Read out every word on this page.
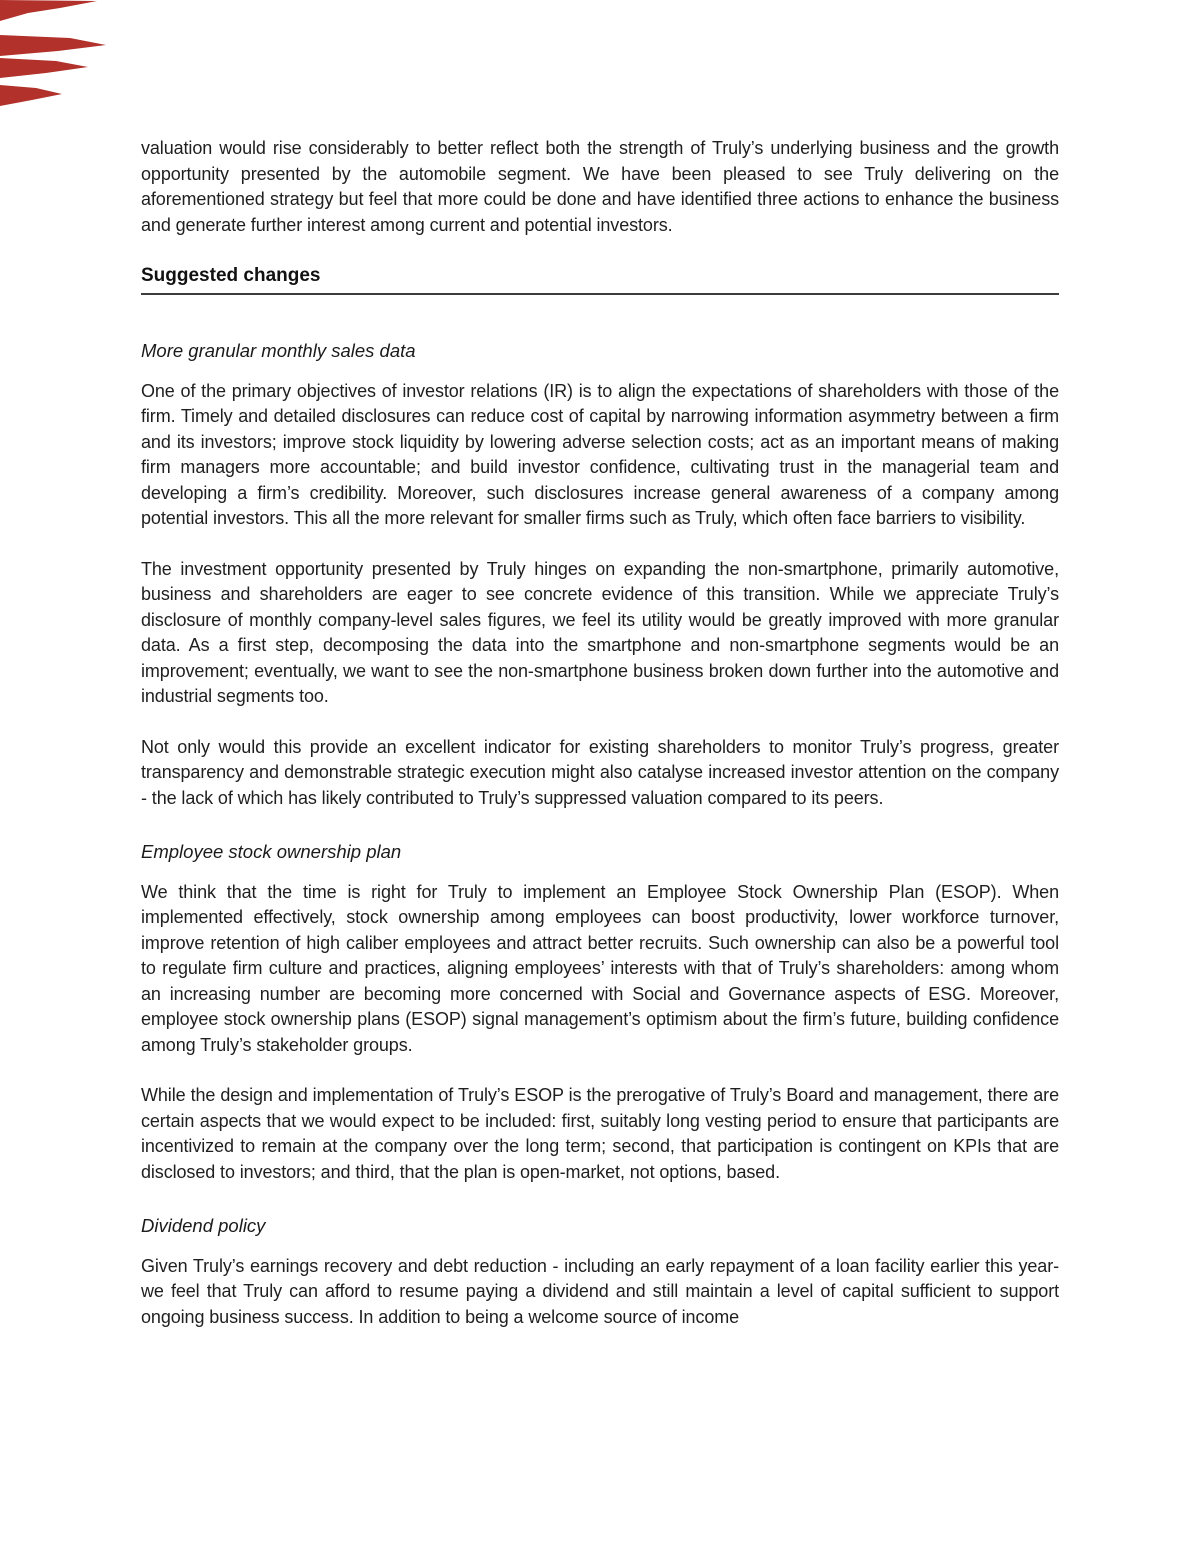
valuation would rise considerably to better reflect both the strength of Truly’s underlying business and the growth opportunity presented by the automobile segment. We have been pleased to see Truly delivering on the aforementioned strategy but feel that more could be done and have identified three actions to enhance the business and generate further interest among current and potential investors.

Suggested changes
More granular monthly sales data

One of the primary objectives of investor relations (IR) is to align the expectations of shareholders with those of the firm. Timely and detailed disclosures can reduce cost of capital by narrowing information asymmetry between a firm and its investors; improve stock liquidity by lowering adverse selection costs; act as an important means of making firm managers more accountable; and build investor confidence, cultivating trust in the managerial team and developing a firm’s credibility. Moreover, such disclosures increase general awareness of a company among potential investors. This all the more relevant for smaller firms such as Truly, which often face barriers to visibility.

The investment opportunity presented by Truly hinges on expanding the non-smartphone, primarily automotive, business and shareholders are eager to see concrete evidence of this transition. While we appreciate Truly’s disclosure of monthly company-level sales figures, we feel its utility would be greatly improved with more granular data. As a first step, decomposing the data into the smartphone and non-smartphone segments would be an improvement; eventually, we want to see the non-smartphone business broken down further into the automotive and industrial segments too.

Not only would this provide an excellent indicator for existing shareholders to monitor Truly’s progress, greater transparency and demonstrable strategic execution might also catalyse increased investor attention on the company - the lack of which has likely contributed to Truly’s suppressed valuation compared to its peers.

Employee stock ownership plan

We think that the time is right for Truly to implement an Employee Stock Ownership Plan (ESOP). When implemented effectively, stock ownership among employees can boost productivity, lower workforce turnover, improve retention of high caliber employees and attract better recruits. Such ownership can also be a powerful tool to regulate firm culture and practices, aligning employees’ interests with that of Truly’s shareholders: among whom an increasing number are becoming more concerned with Social and Governance aspects of ESG. Moreover, employee stock ownership plans (ESOP) signal management’s optimism about the firm’s future, building confidence among Truly’s stakeholder groups.

While the design and implementation of Truly’s ESOP is the prerogative of Truly’s Board and management, there are certain aspects that we would expect to be included: first, suitably long vesting period to ensure that participants are incentivized to remain at the company over the long term; second, that participation is contingent on KPIs that are disclosed to investors; and third, that the plan is open-market, not options, based.

Dividend policy

Given Truly’s earnings recovery and debt reduction - including an early repayment of a loan facility earlier this year- we feel that Truly can afford to resume paying a dividend and still maintain a level of capital sufficient to support ongoing business success. In addition to being a welcome source of income
